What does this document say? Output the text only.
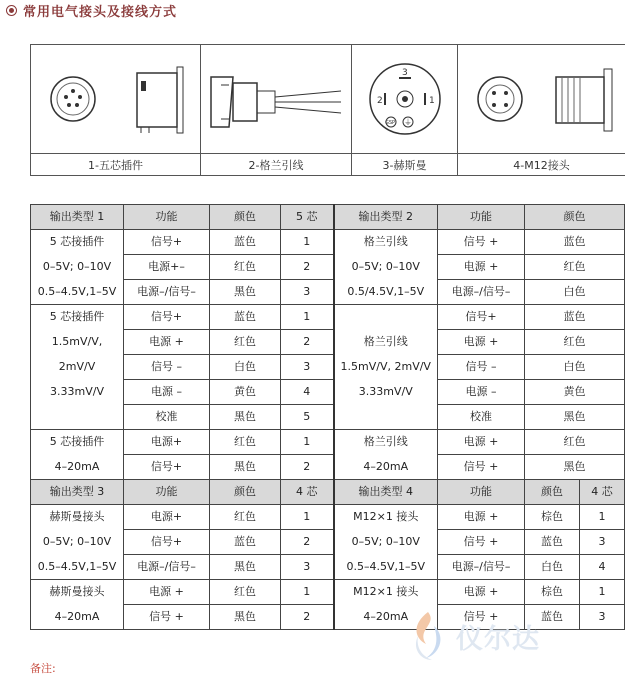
常用电气接头及接线方式

3
2 1
GSP ⏚

1-五芯插件	2-格兰引线	3-赫斯曼	4-M12接头
输出类型 1	功能	颜色	5 芯	输出类型 2	功能	颜色	
5 芯接插件	信号+	蓝色	1	格兰引线	信号 +	蓝色	
0–5V; 0–10V	电源+–	红色	2	0–5V; 0–10V	电源 +	红色	
0.5–4.5V,1–5V	电源–/信号–	黑色	3	0.5/4.5V,1–5V	电源–/信号–	白色	
5 芯接插件	信号+	蓝色	1		信号+	蓝色	
1.5mV/V,	电源 +	红色	2	格兰引线	电源 +	红色	
2mV/V	信号 –	白色	3	1.5mV/V, 2mV/V	信号 –	白色	
3.33mV/V	电源 –	黄色	4	3.33mV/V	电源 –	黄色	
	校准	黑色	5		校准	黑色	
5 芯接插件	电源+	红色	1	格兰引线	电源 +	红色	
4–20mA	信号+	黑色	2	4–20mA	信号 +	黑色	
输出类型 3	功能	颜色	4 芯	输出类型 4	功能	颜色	4 芯
赫斯曼接头	电源+	红色	1	M12×1 接头	电源 +	棕色	1
0–5V; 0–10V	信号+	蓝色	2	0–5V; 0–10V	信号 +	蓝色	3
0.5–4.5V,1–5V	电源–/信号–	黑色	3	0.5–4.5V,1–5V	电源–/信号–	白色	4
赫斯曼接头	电源 +	红色	1	M12×1 接头	电源 +	棕色	1
4–20mA	信号 +	黑色	2	4–20mA	信号 +	蓝色	3
仪尔达
备注:
